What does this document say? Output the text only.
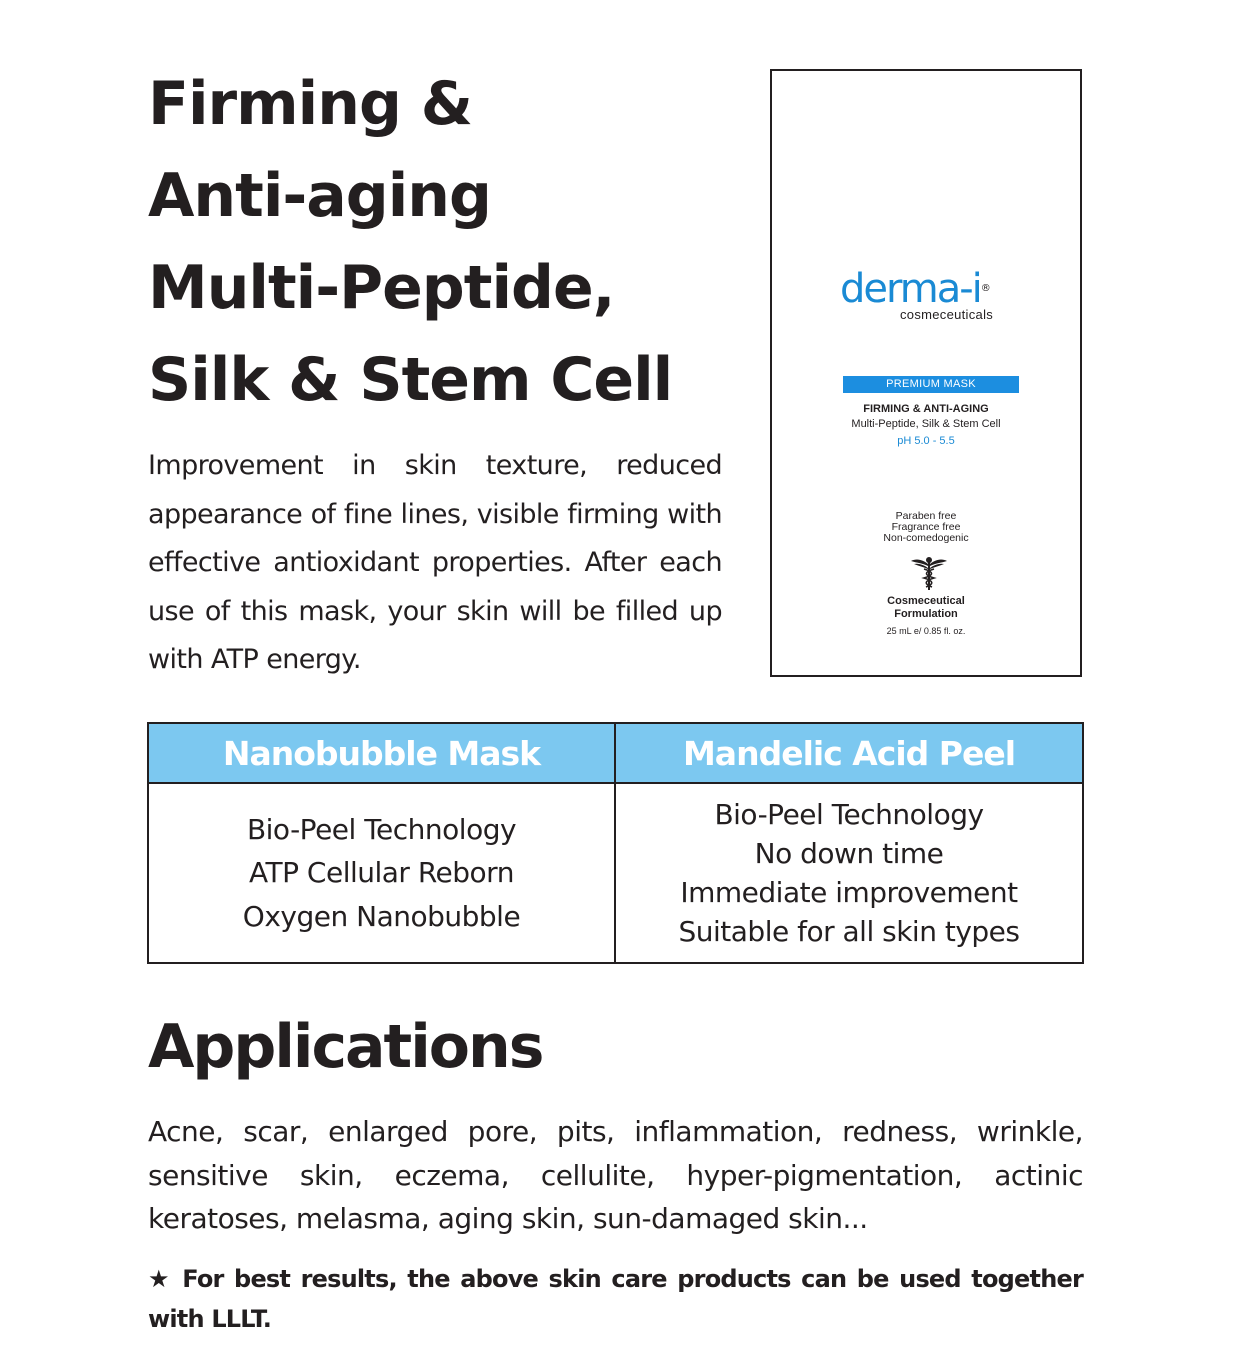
Firming &
Anti-aging
Multi-Peptide,
Silk & Stem Cell

Improvement in skin texture, reduced appearance of fine lines, visible firming with effective antioxidant properties. After each use of this mask, your skin will be filled up with ATP energy.

derma-i®
cosmeceuticals
PREMIUM MASK
FIRMING & ANTI-AGING
Multi-Peptide, Silk & Stem Cell
pH 5.0 - 5.5
Paraben free
Fragrance free
Non-comedogenic
Cosmeceutical
Formulation
25 mL e/ 0.85 fl. oz.
Nanobubble Mask	Mandelic Acid Peel
Bio-Peel Technology
ATP Cellular Reborn
Oxygen Nanobubble
Bio-Peel Technology
No down time
Immediate improvement
Suitable for all skin types
Applications

Acne, scar, enlarged pore, pits, inflammation, redness, wrinkle, sensitive skin, eczema, cellulite, hyper-pigmentation, actinic keratoses, melasma, aging skin, sun-damaged skin...

★ For best results, the above skin care products can be used together with LLLT.
